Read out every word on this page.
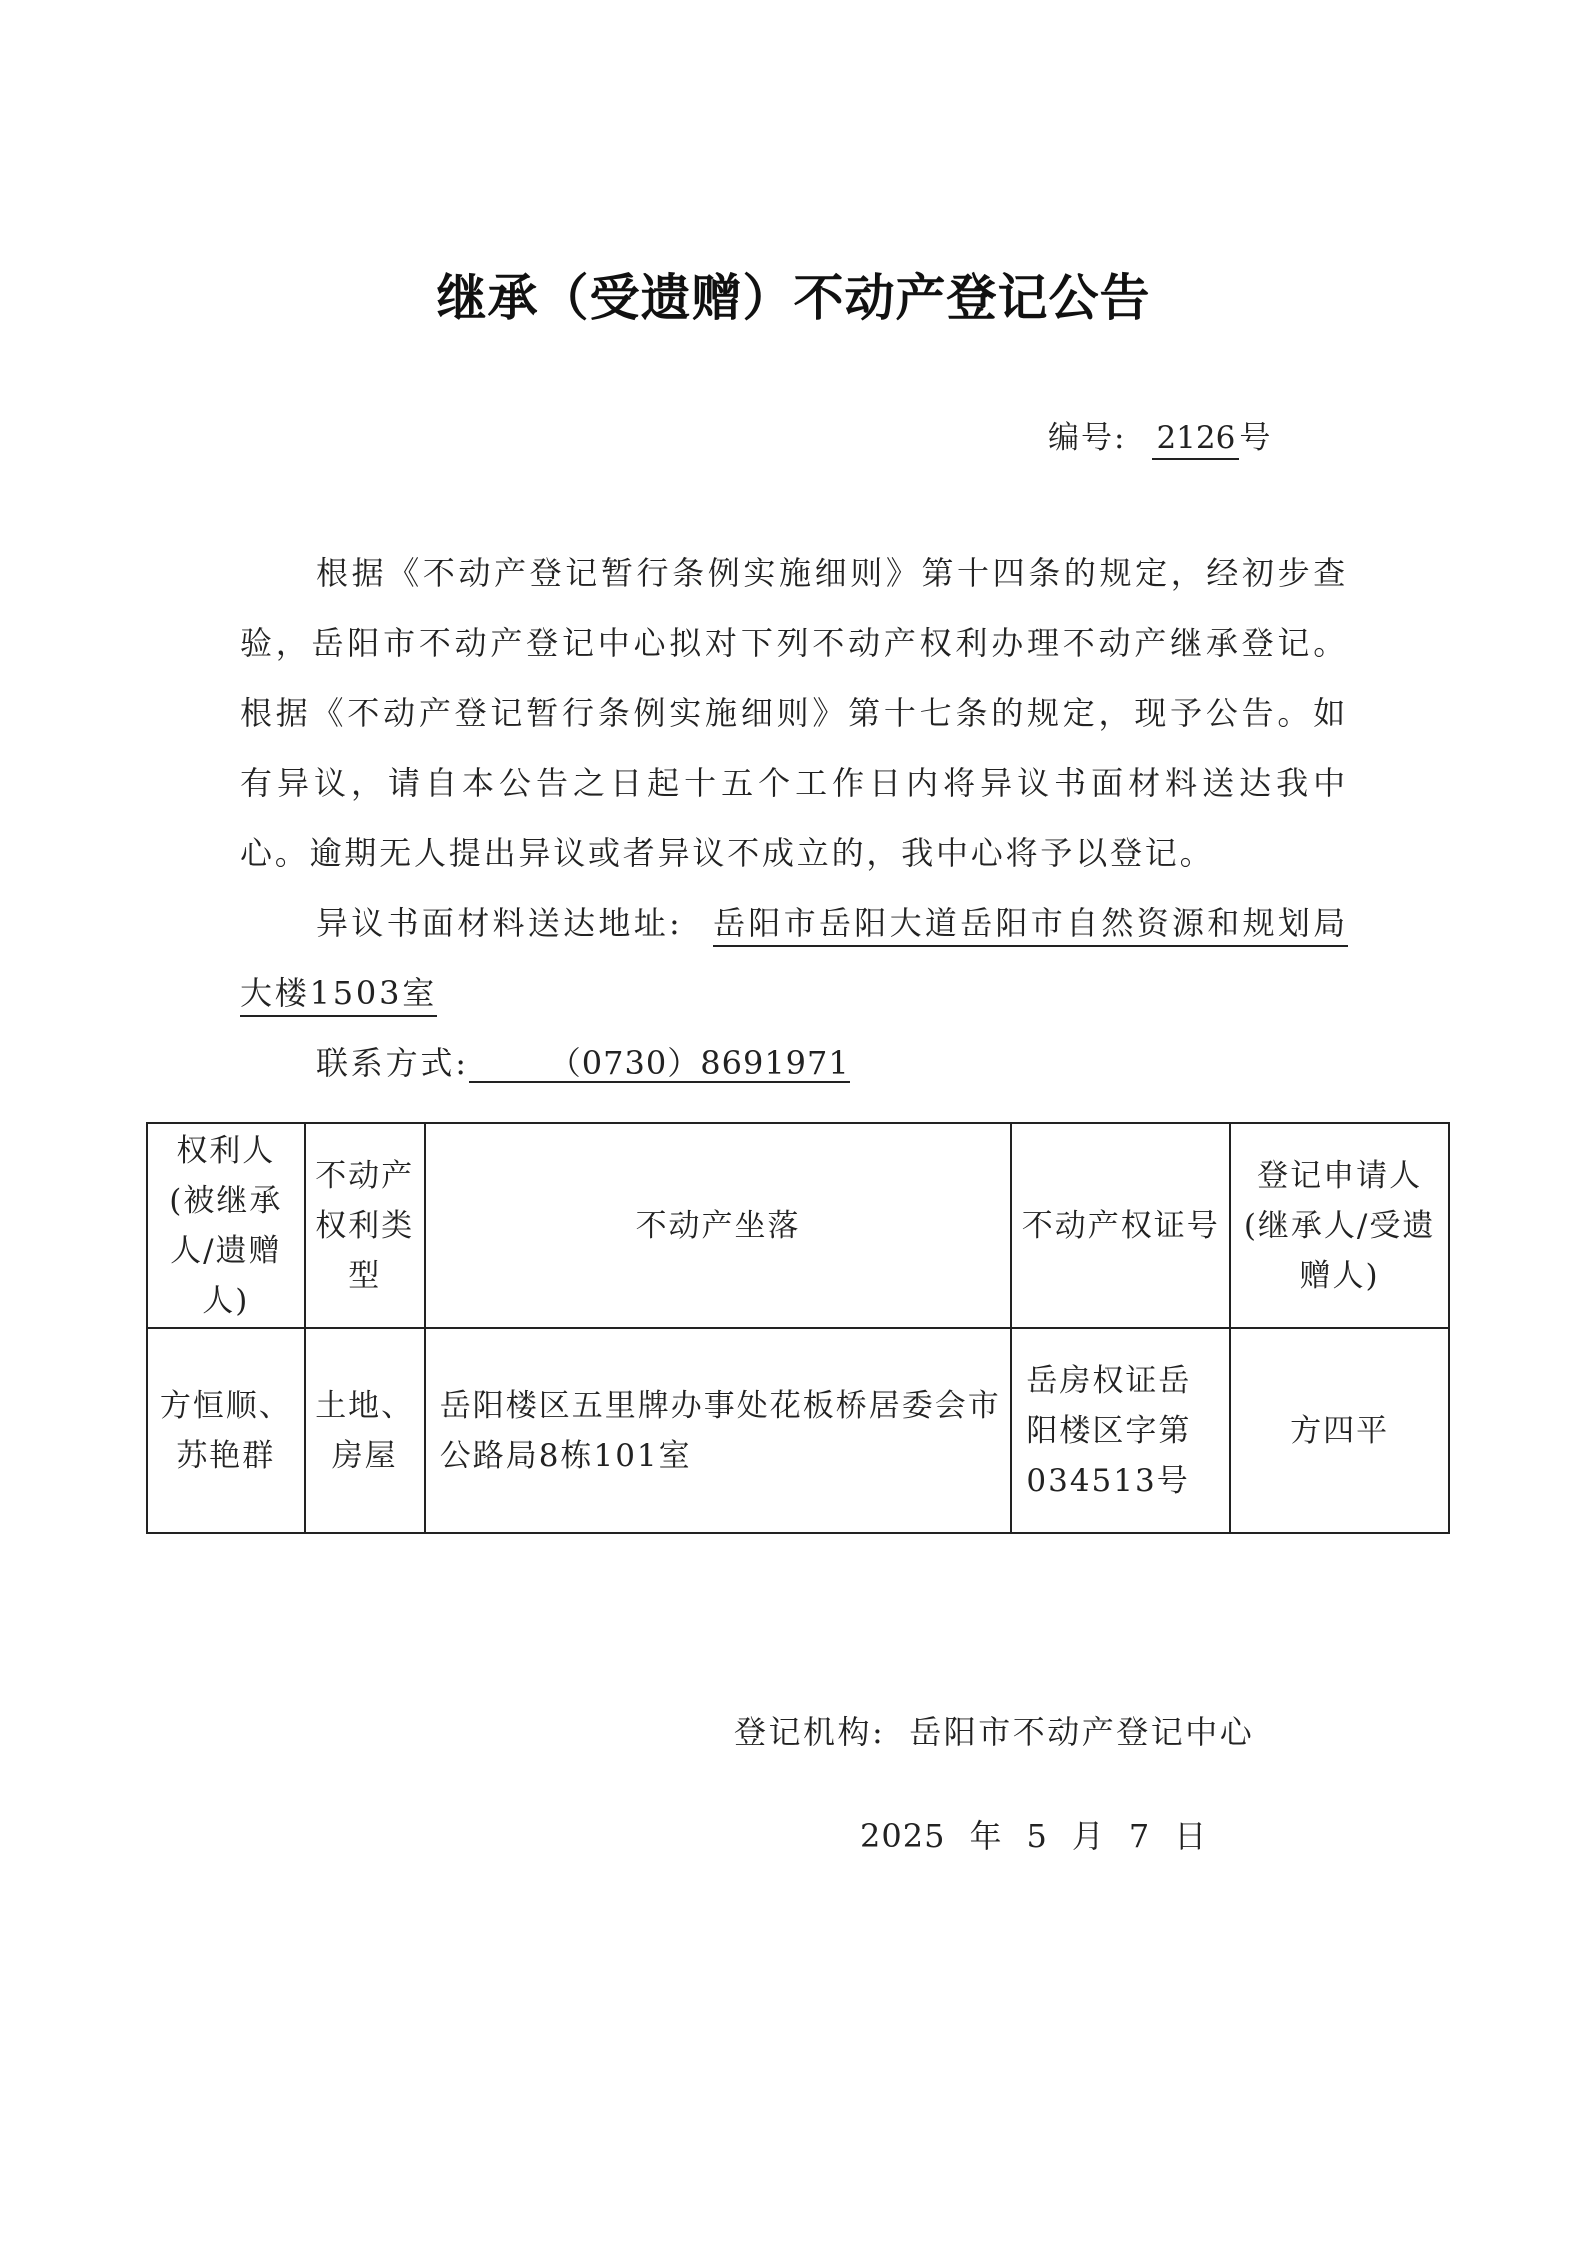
继承（受遗赠）不动产登记公告
编号: 2126 号

根据《不动产登记暂行条例实施细则》第十四条的规定，经初步查验，岳阳市不动产登记中心拟对下列不动产权利办理不动产继承登记。根据《不动产登记暂行条例实施细则》第十七条的规定，现予公告。如有异议，请自本公告之日起十五个工作日内将异议书面材料送达我中心。逾期无人提出异议或者异议不成立的，我中心将予以登记。

异议书面材料送达地址: 岳阳市岳阳大道岳阳市自然资源和规划局大楼1503室

联系方式:	（0730）8691971

权利人(被继承人/遗赠人)	不动产权利类型	不动产坐落	不动产权证号	登记申请人(继承人/受遗赠人)
方恒顺、苏艳群	土地、房屋	岳阳楼区五里牌办事处花板桥居委会市公路局8栋101室	岳房权证岳阳楼区字第034513号	方四平
登记机构: 岳阳市不动产登记中心
2025 年 5 月 7 日
